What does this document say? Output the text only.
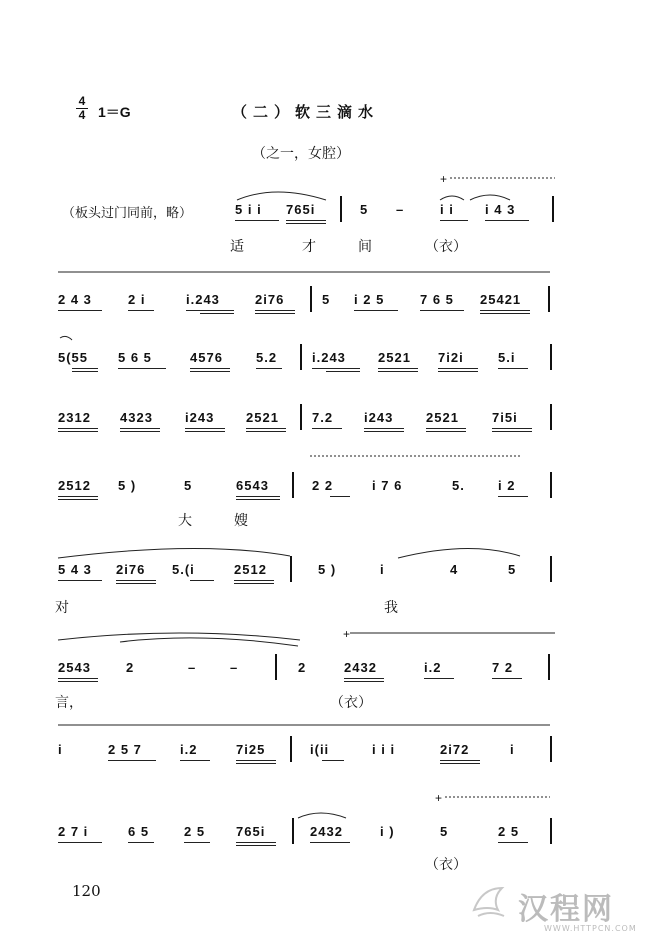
4
4 1＝G	（二）软三滴水
（之一，女腔）
（板头过门同前，略）	5 i i 765i	5 –	i i i 4 3
适	才	间	（衣）
2 4 3	2 i	i.243	2i76	5 i 2 5	7 6 5 25421
5(55 5 6 5	4576	5.2	i.243 2521 7i2i	5.i
2312 4323 i243 2521	7.2 i243	2521	7i5i
2512 5 )	5	6543	2 2	i 7 6	5.	i 2
大	嫂
5 4 3 2i76 5.(i	2512	5 )	i	4	5
对	我
2543	2	–	–	2	2432	i.2	7 2
言，	（衣）
i	2 5 7	i.2	7i25	i(ii	i i i	2i72	i
2 7 i	6 5	2 5 765i	2432	i )	5	2 5
（衣）
+
+
+
120
汉程网
WWW.HTTPCN.COM
